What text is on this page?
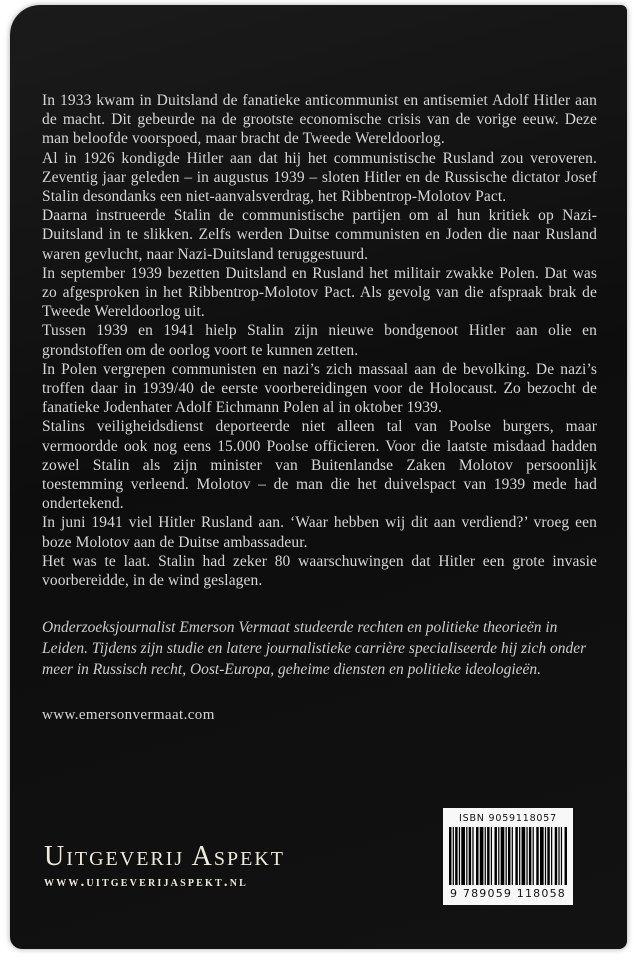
In 1933 kwam in Duitsland de fanatieke anticommunist en antisemiet Adolf Hitler aan de macht. Dit gebeurde na de grootste economische crisis van de vorige eeuw. Deze man beloofde voorspoed, maar bracht de Tweede Wereldoorlog.

Al in 1926 kondigde Hitler aan dat hij het communistische Rusland zou veroveren. Zeventig jaar geleden – in augustus 1939 – sloten Hitler en de Russische dictator Josef Stalin desondanks een niet-aanvalsverdrag, het Ribbentrop-Molotov Pact.

Daarna instrueerde Stalin de communistische partijen om al hun kritiek op Nazi-Duitsland in te slikken. Zelfs werden Duitse communisten en Joden die naar Rusland waren gevlucht, naar Nazi-Duitsland teruggestuurd.

In september 1939 bezetten Duitsland en Rusland het militair zwakke Polen. Dat was zo afgesproken in het Ribbentrop-Molotov Pact. Als gevolg van die afspraak brak de Tweede Wereldoorlog uit.

Tussen 1939 en 1941 hielp Stalin zijn nieuwe bondgenoot Hitler aan olie en grondstoffen om de oorlog voort te kunnen zetten.

In Polen vergrepen communisten en nazi’s zich massaal aan de bevolking. De nazi’s troffen daar in 1939/40 de eerste voorbereidingen voor de Holocaust. Zo bezocht de fanatieke Jodenhater Adolf Eichmann Polen al in oktober 1939.

Stalins veiligheidsdienst deporteerde niet alleen tal van Poolse burgers, maar vermoordde ook nog eens 15.000 Poolse officieren. Voor die laatste misdaad hadden zowel Stalin als zijn minister van Buitenlandse Zaken Molotov persoonlijk toestemming verleend. Molotov – de man die het duivelspact van 1939 mede had ondertekend.

In juni 1941 viel Hitler Rusland aan. ‘Waar hebben wij dit aan verdiend?’ vroeg een boze Molotov aan de Duitse ambassadeur.

Het was te laat. Stalin had zeker 80 waarschuwingen dat Hitler een grote invasie voorbereidde, in de wind geslagen.

Onderzoeksjournalist Emerson Vermaat studeerde rechten en politieke theorieën in Leiden. Tijdens zijn studie en latere journalistieke carrière specialiseerde hij zich onder meer in Russisch recht, Oost-Europa, geheime diensten en politieke ideologieën.

www.emersonvermaat.com

Uitgeverij Aspekt
www.uitgeverijaspekt.nl
ISBN 9059118057
9 789059 118058
